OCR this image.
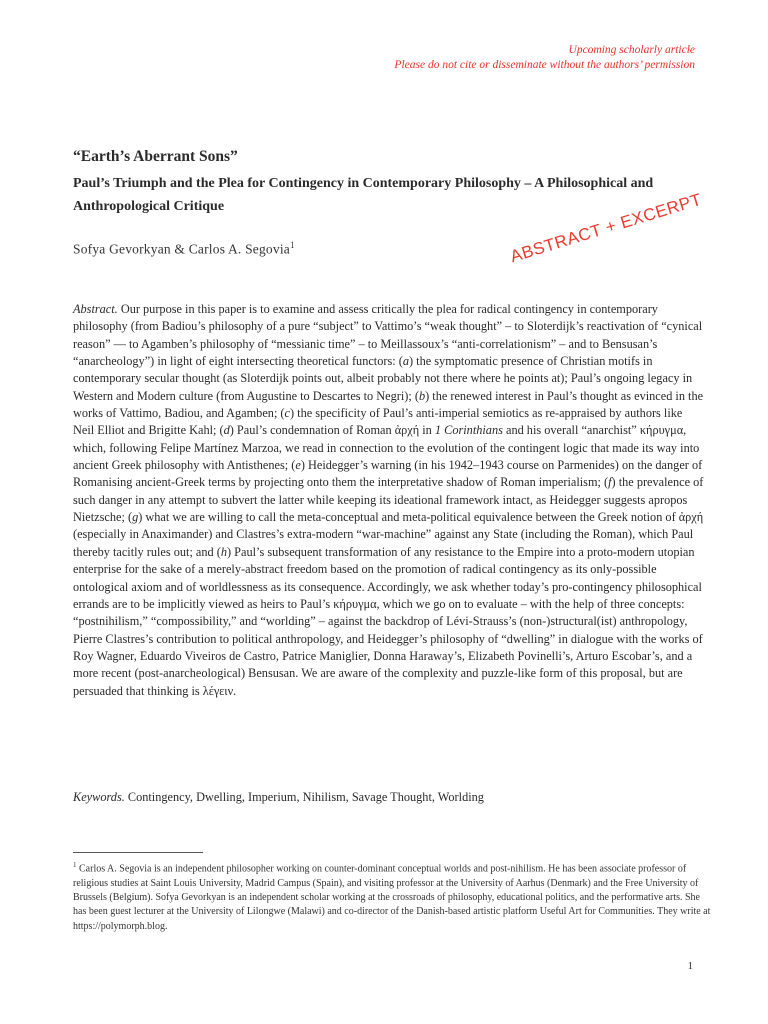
Upcoming scholarly article
Please do not cite or disseminate without the authors’ permission
“Earth’s Aberrant Sons”
Paul’s Triumph and the Plea for Contingency in Contemporary Philosophy – A Philosophical and Anthropological Critique
Sofya Gevorkyan & Carlos A. Segovia$^1$	ABSTRACT + EXCERPT
Abstract. Our purpose in this paper is to examine and assess critically the plea for radical contingency in contemporary philosophy (from Badiou’s philosophy of a pure “subject” to Vattimo’s “weak thought” – to Sloterdijk’s reactivation of “cynical reason” — to Agamben’s philosophy of “messianic time” – to Meillassoux’s “anti-correlationism” – and to Bensusan’s “anarcheology”) in light of eight intersecting theoretical functors: (a) the symptomatic presence of Christian motifs in contemporary secular thought (as Sloterdijk points out, albeit probably not there where he points at); Paul’s ongoing legacy in Western and Modern culture (from Augustine to Descartes to Negri); (b) the renewed interest in Paul’s thought as evinced in the works of Vattimo, Badiou, and Agamben; (c) the specificity of Paul’s anti-imperial semiotics as re-appraised by authors like Neil Elliot and Brigitte Kahl; (d) Paul’s condemnation of Roman ἀρχή in 1 Corinthians and his overall “anarchist” κήρυγμα, which, following Felipe Martínez Marzoa, we read in connection to the evolution of the contingent logic that made its way into ancient Greek philosophy with Antisthenes; (e) Heidegger’s warning (in his 1942–1943 course on Parmenides) on the danger of Romanising ancient-Greek terms by projecting onto them the interpretative shadow of Roman imperialism; (f) the prevalence of such danger in any attempt to subvert the latter while keeping its ideational framework intact, as Heidegger suggests apropos Nietzsche; (g) what we are willing to call the meta-conceptual and meta-political equivalence between the Greek notion of ἀρχή (especially in Anaximander) and Clastres’s extra-modern “war-machine” against any State (including the Roman), which Paul thereby tacitly rules out; and (h) Paul’s subsequent transformation of any resistance to the Empire into a proto-modern utopian enterprise for the sake of a merely-abstract freedom based on the promotion of radical contingency as its only-possible ontological axiom and of worldlessness as its consequence. Accordingly, we ask whether today’s pro-contingency philosophical errands are to be implicitly viewed as heirs to Paul’s κήρυγμα, which we go on to evaluate – with the help of three concepts: “postnihilism,” “compossibility,” and “worlding” – against the backdrop of Lévi-Strauss’s (non-)structural(ist) anthropology, Pierre Clastres’s contribution to political anthropology, and Heidegger’s philosophy of “dwelling” in dialogue with the works of Roy Wagner, Eduardo Viveiros de Castro, Patrice Maniglier, Donna Haraway’s, Elizabeth Povinelli’s, Arturo Escobar’s, and a more recent (post-anarcheological) Bensusan. We are aware of the complexity and puzzle-like form of this proposal, but are persuaded that thinking is λέγειν.
Keywords. Contingency, Dwelling, Imperium, Nihilism, Savage Thought, Worlding
$^1$ Carlos A. Segovia is an independent philosopher working on counter-dominant conceptual worlds and post-nihilism. He has been associate professor of religious studies at Saint Louis University, Madrid Campus (Spain), and visiting professor at the University of Aarhus (Denmark) and the Free University of Brussels (Belgium). Sofya Gevorkyan is an independent scholar working at the crossroads of philosophy, educational politics, and the performative arts. She has been guest lecturer at the University of Lilongwe (Malawi) and co-director of the Danish-based artistic platform Useful Art for Communities. They write at https://polymorph.blog.
1
